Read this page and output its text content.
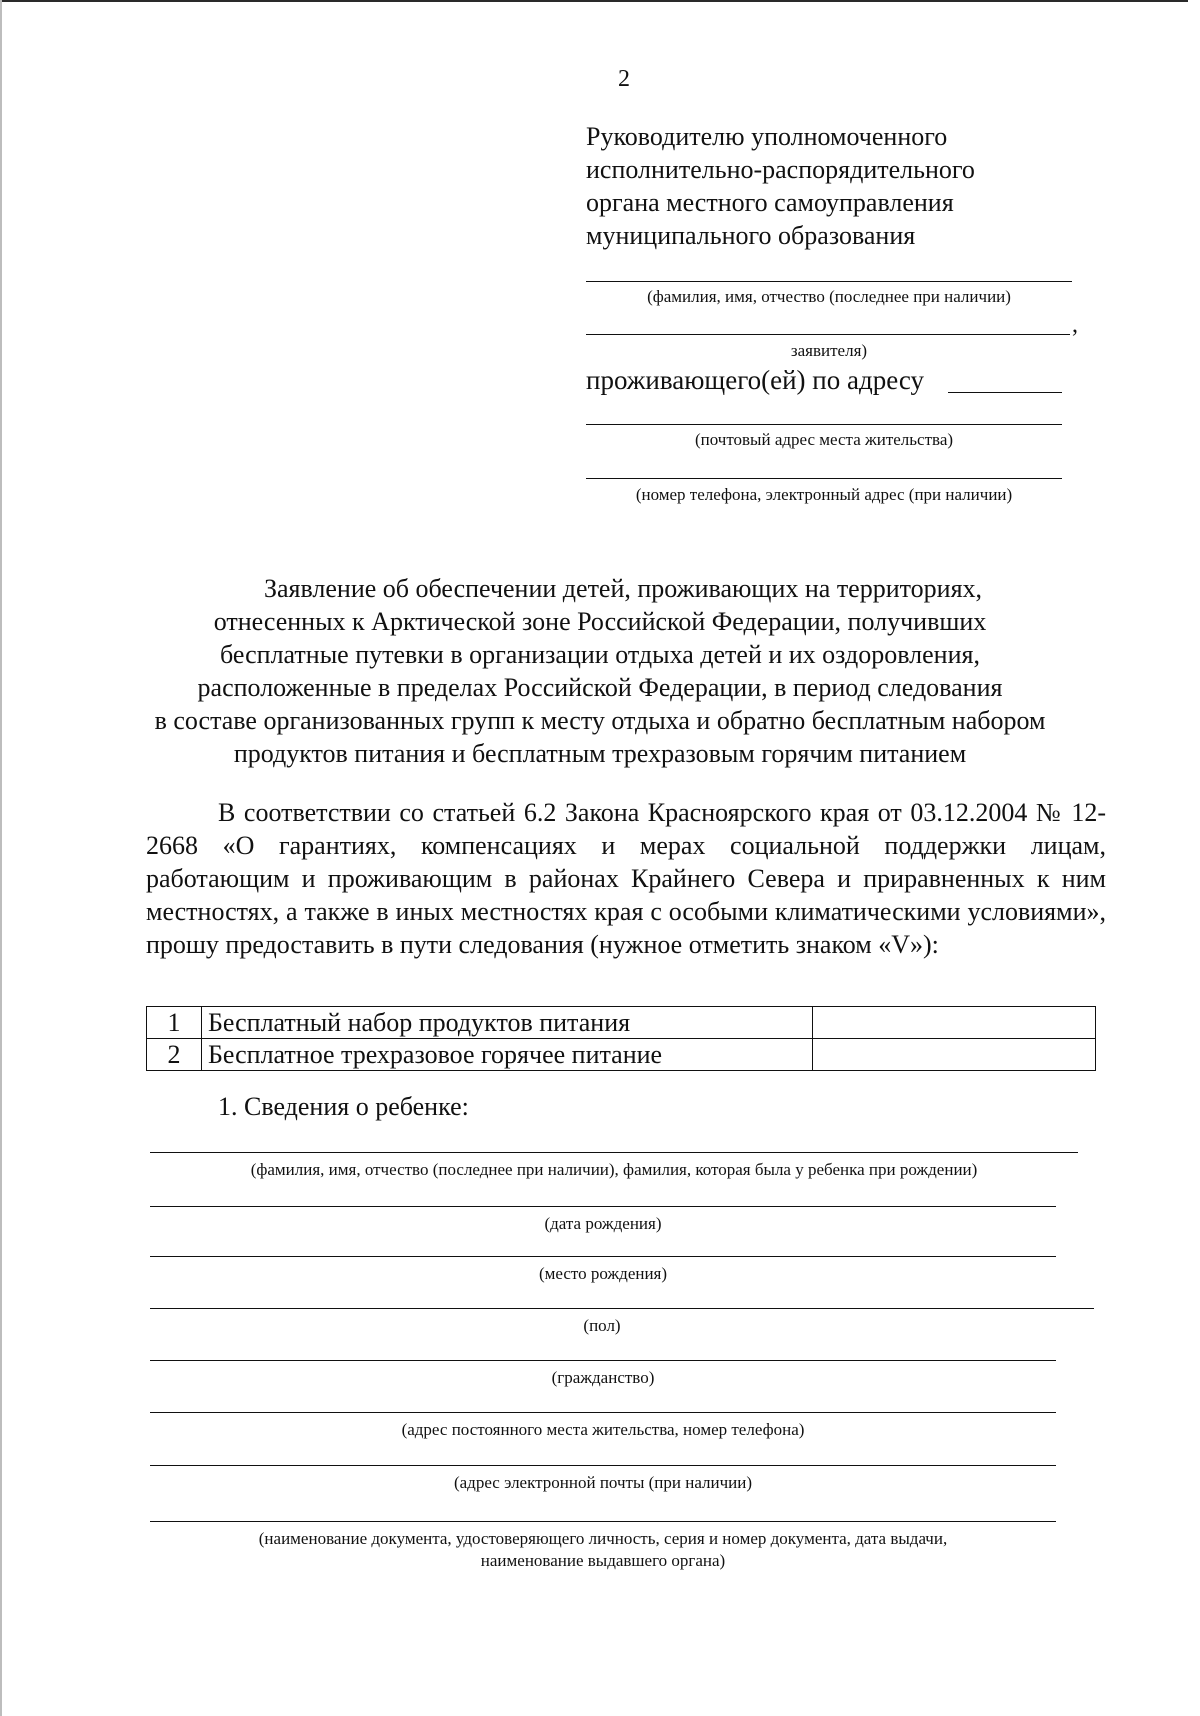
2
Руководителю уполномоченного
исполнительно-распорядительного
органа местного самоуправления
муниципального образования
(фамилия, имя, отчество (последнее при наличии)
,
заявителя)
проживающего(ей) по адресу
(почтовый адрес места жительства)
(номер телефона, электронный адрес (при наличии)
Заявление об обеспечении детей, проживающих на территориях,
отнесенных к Арктической зоне Российской Федерации, получивших
бесплатные путевки в организации отдыха детей и их оздоровления,
расположенные в пределах Российской Федерации, в период следования
в составе организованных групп к месту отдыха и обратно бесплатным набором
продуктов питания и бесплатным трехразовым горячим питанием
В соответствии со статьей 6.2 Закона Красноярского края от 03.12.2004 № 12-2668 «О гарантиях, компенсациях и мерах социальной поддержки лицам, работающим и проживающим в районах Крайнего Севера и приравненных к ним местностях, а также в иных местностях края с особыми климатическими условиями», прошу предоставить в пути следования (нужное отметить знаком «V»):
1	Бесплатный набор продуктов питания	
2	Бесплатное трехразовое горячее питание	
1. Сведения о ребенке:
(фамилия, имя, отчество (последнее при наличии), фамилия, которая была у ребенка при рождении)
(дата рождения)
(место рождения)
(пол)
(гражданство)
(адрес постоянного места жительства, номер телефона)
(адрес электронной почты (при наличии)
(наименование документа, удостоверяющего личность, серия и номер документа, дата выдачи,
наименование выдавшего органа)
